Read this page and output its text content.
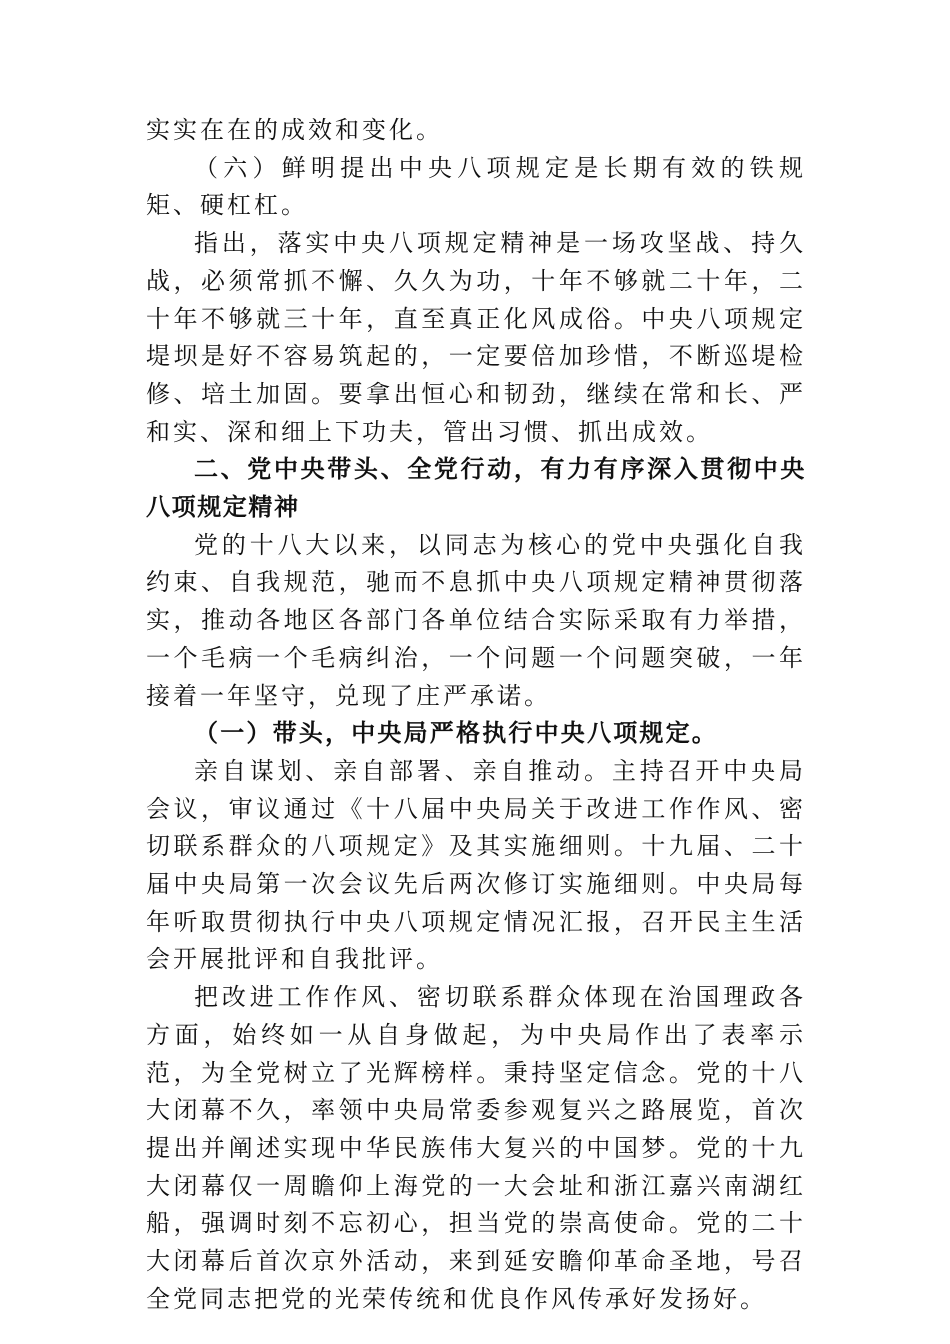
实实在在的成效和变化。

（六）鲜明提出中央八项规定是长期有效的铁规矩、硬杠杠。

指出，落实中央八项规定精神是一场攻坚战、持久战，必须常抓不懈、久久为功，十年不够就二十年，二十年不够就三十年，直至真正化风成俗。中央八项规定堤坝是好不容易筑起的，一定要倍加珍惜，不断巡堤检修、培土加固。要拿出恒心和韧劲，继续在常和长、严和实、深和细上下功夫，管出习惯、抓出成效。

二、党中央带头、全党行动，有力有序深入贯彻中央八项规定精神

党的十八大以来，以同志为核心的党中央强化自我约束、自我规范，驰而不息抓中央八项规定精神贯彻落实，推动各地区各部门各单位结合实际采取有力举措，一个毛病一个毛病纠治，一个问题一个问题突破，一年接着一年坚守，兑现了庄严承诺。

（一）带头，中央局严格执行中央八项规定。

亲自谋划、亲自部署、亲自推动。主持召开中央局会议，审议通过《十八届中央局关于改进工作作风、密切联系群众的八项规定》及其实施细则。十九届、二十届中央局第一次会议先后两次修订实施细则。中央局每年听取贯彻执行中央八项规定情况汇报，召开民主生活会开展批评和自我批评。

把改进工作作风、密切联系群众体现在治国理政各方面，始终如一从自身做起，为中央局作出了表率示范，为全党树立了光辉榜样。秉持坚定信念。党的十八大闭幕不久，率领中央局常委参观复兴之路展览，首次提出并阐述实现中华民族伟大复兴的中国梦。党的十九大闭幕仅一周瞻仰上海党的一大会址和浙江嘉兴南湖红船，强调时刻不忘初心，担当党的崇高使命。党的二十大闭幕后首次京外活动，来到延安瞻仰革命圣地，号召全党同志把党的光荣传统和优良作风传承好发扬好。
